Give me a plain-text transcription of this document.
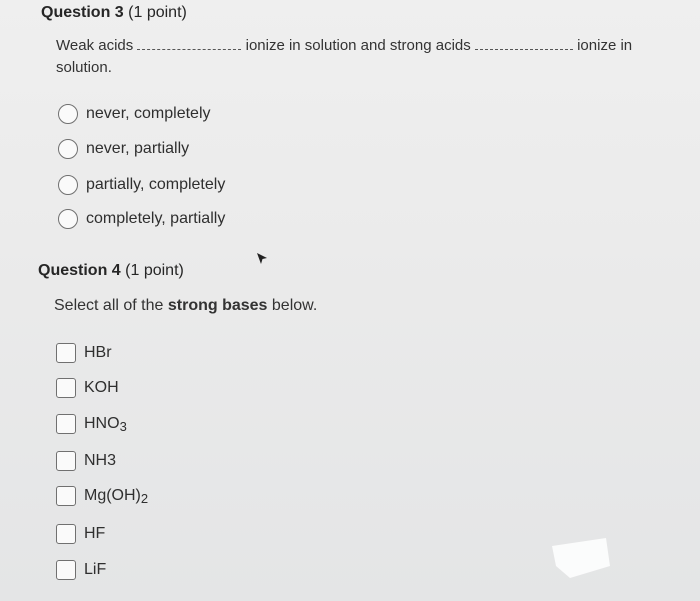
Question 3 (1 point)
Weak acids	ionize in solution and strong acids	ionize in
solution.
never, completely
never, partially
partially, completely
completely, partially
Question 4 (1 point)
Select all of the strong bases below.
HBr
KOH
$HNO_3$
NH3
$Mg(OH)_2$
HF
LiF
